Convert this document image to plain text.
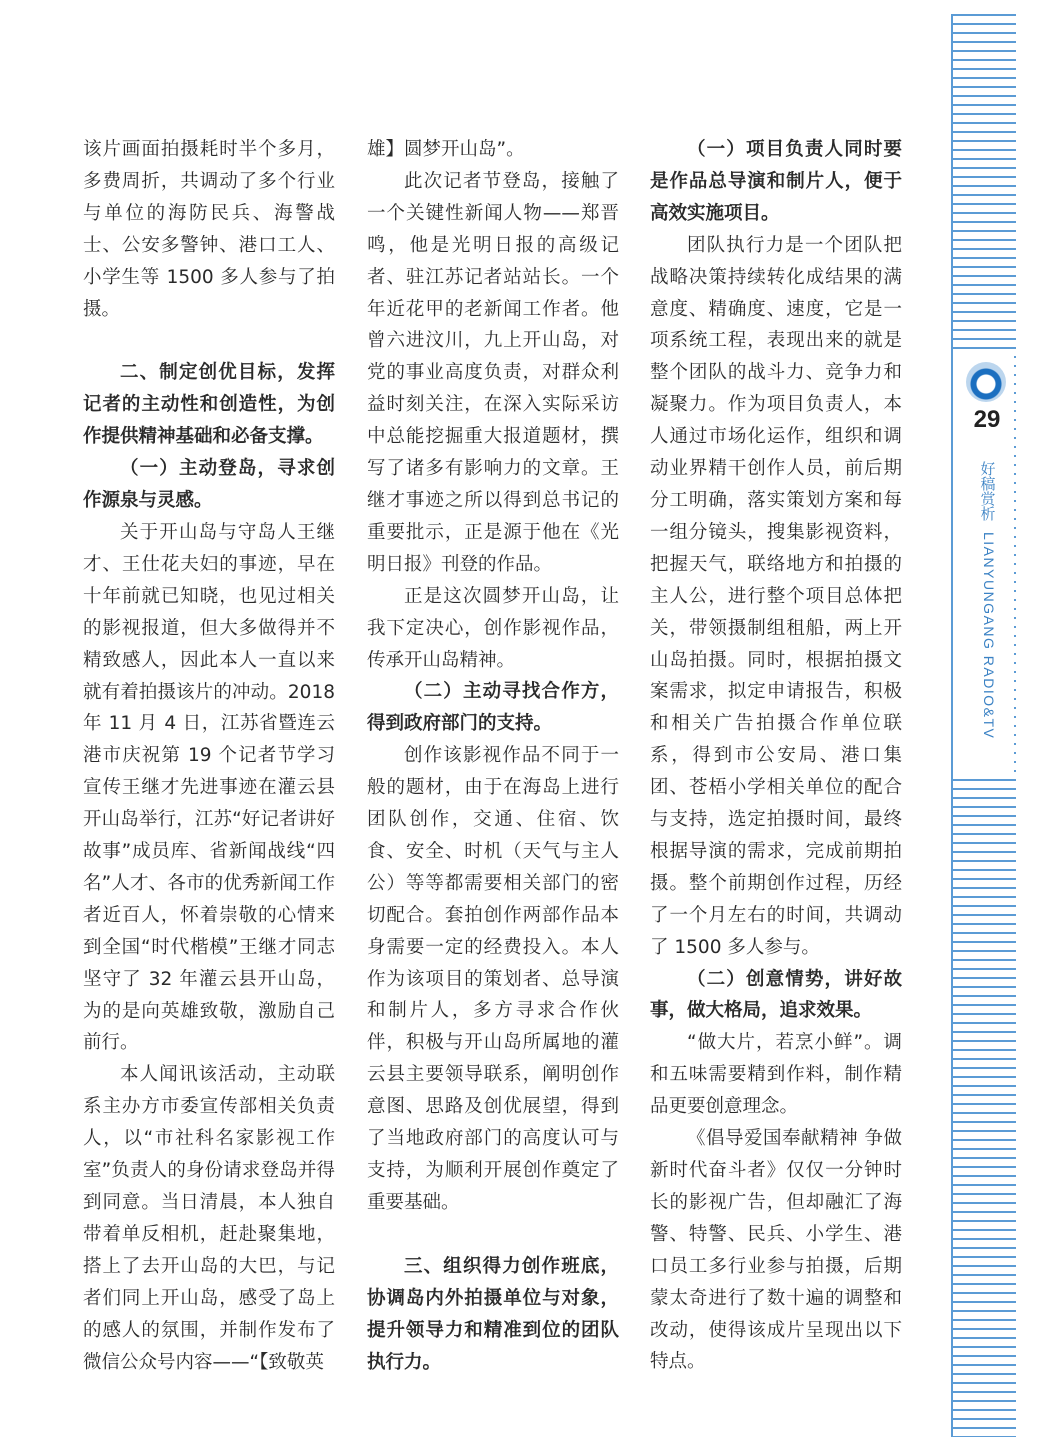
29
好
稿
赏
析
LIANYUNGANG RADIO&TV

该片画面拍摄耗时半个多月，多费周折，共调动了多个行业与单位的海防民兵、海警战士、公安多警钟、港口工人、小学生等 1500 多人参与了拍摄。

二、制定创优目标，发挥记者的主动性和创造性，为创作提供精神基础和必备支撑。

（一）主动登岛，寻求创作源泉与灵感。

关于开山岛与守岛人王继才、王仕花夫妇的事迹，早在十年前就已知晓，也见过相关的影视报道，但大多做得并不精致感人，因此本人一直以来就有着拍摄该片的冲动。2018 年 11 月 4 日，江苏省暨连云港市庆祝第 19 个记者节学习宣传王继才先进事迹在灌云县开山岛举行，江苏“好记者讲好故事”成员库、省新闻战线“四名”人才、各市的优秀新闻工作者近百人，怀着崇敬的心情来到全国“时代楷模”王继才同志坚守了 32 年灌云县开山岛，为的是向英雄致敬，激励自己前行。

本人闻讯该活动，主动联系主办方市委宣传部相关负责人，以“市社科名家影视工作室”负责人的身份请求登岛并得到同意。当日清晨，本人独自带着单反相机，赶赴聚集地，搭上了去开山岛的大巴，与记者们同上开山岛，感受了岛上的感人的氛围，并制作发布了微信公众号内容——“【致敬英

雄】圆梦开山岛”。

此次记者节登岛，接触了一个关键性新闻人物——郑晋鸣，他是光明日报的高级记者、驻江苏记者站站长。一个年近花甲的老新闻工作者。他曾六进汶川，九上开山岛，对党的事业高度负责，对群众利益时刻关注，在深入实际采访中总能挖掘重大报道题材，撰写了诸多有影响力的文章。王继才事迹之所以得到总书记的重要批示，正是源于他在《光明日报》刊登的作品。

正是这次圆梦开山岛，让我下定决心，创作影视作品，传承开山岛精神。

（二）主动寻找合作方，得到政府部门的支持。

创作该影视作品不同于一般的题材，由于在海岛上进行团队创作，交通、住宿、饮食、安全、时机（天气与主人公）等等都需要相关部门的密切配合。套拍创作两部作品本身需要一定的经费投入。本人作为该项目的策划者、总导演和制片人，多方寻求合作伙伴，积极与开山岛所属地的灌云县主要领导联系，阐明创作意图、思路及创优展望，得到了当地政府部门的高度认可与支持，为顺利开展创作奠定了重要基础。

三、组织得力创作班底，协调岛内外拍摄单位与对象，提升领导力和精准到位的团队执行力。

（一）项目负责人同时要是作品总导演和制片人，便于高效实施项目。

团队执行力是一个团队把战略决策持续转化成结果的满意度、精确度、速度，它是一项系统工程，表现出来的就是整个团队的战斗力、竞争力和凝聚力。作为项目负责人，本人通过市场化运作，组织和调动业界精干创作人员，前后期分工明确，落实策划方案和每一组分镜头，搜集影视资料，把握天气，联络地方和拍摄的主人公，进行整个项目总体把关，带领摄制组租船，两上开山岛拍摄。同时，根据拍摄文案需求，拟定申请报告，积极和相关广告拍摄合作单位联系，得到市公安局、港口集团、苍梧小学相关单位的配合与支持，选定拍摄时间，最终根据导演的需求，完成前期拍摄。整个前期创作过程，历经了一个月左右的时间，共调动了 1500 多人参与。

（二）创意情势，讲好故事，做大格局，追求效果。

“做大片，若烹小鲜”。调和五味需要精到作料，制作精品更要创意理念。

《倡导爱国奉献精神 争做新时代奋斗者》仅仅一分钟时长的影视广告，但却融汇了海警、特警、民兵、小学生、港口员工多行业参与拍摄，后期蒙太奇进行了数十遍的调整和改动，使得该成片呈现出以下特点。
